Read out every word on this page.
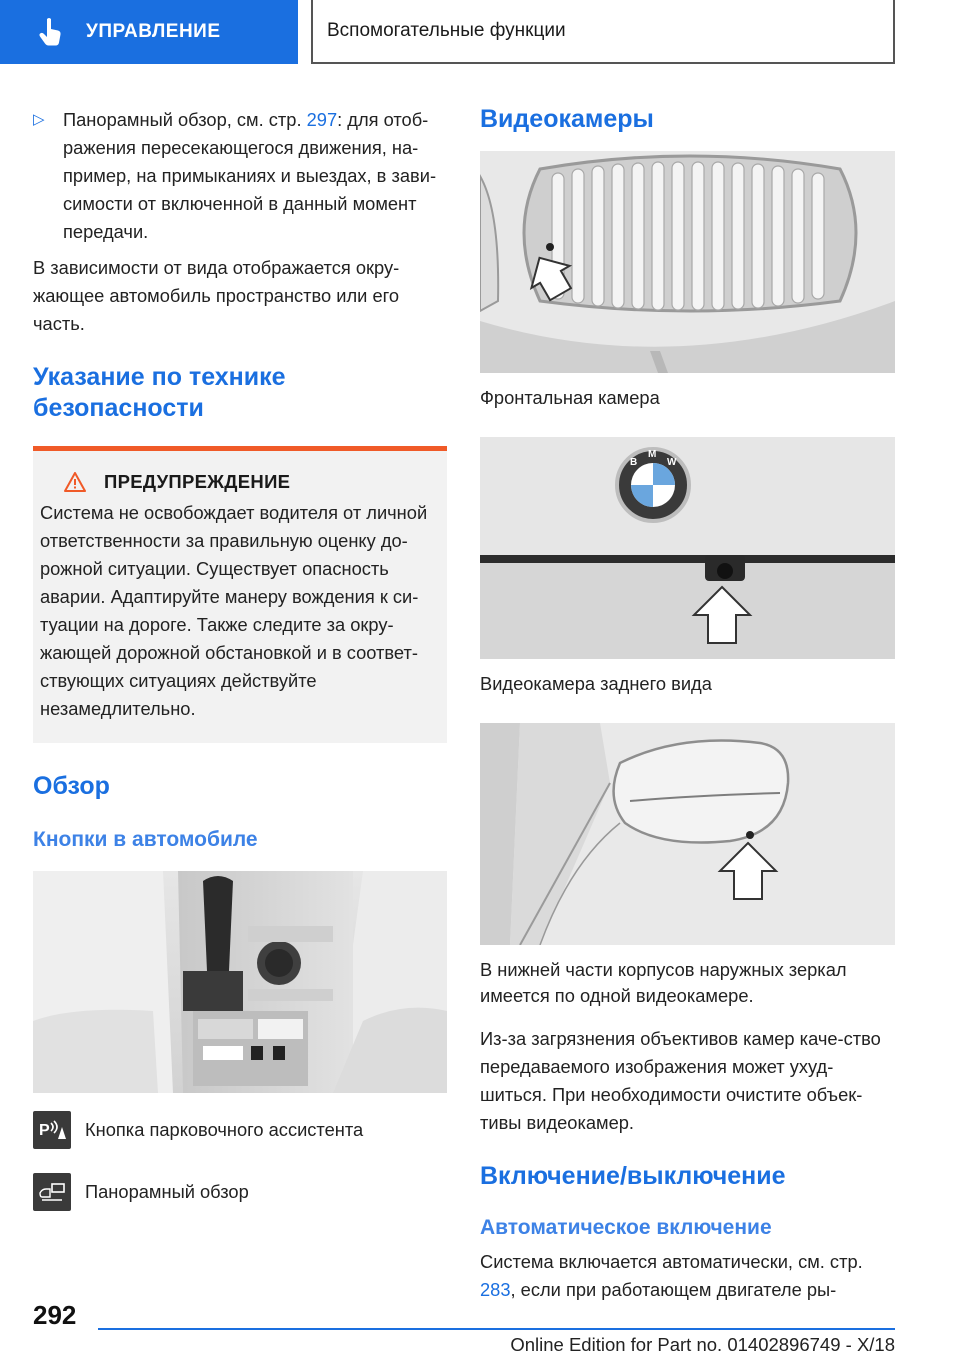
УПРАВЛЕНИЕ	Вспомогательные функции
▷ Панорамный обзор, см. стр. 297: для отоб-ражения пересекающегося движения, на-пример, на примыканиях и выездах, в зави-симости от включенной в данный момент передачи.
В зависимости от вида отображается окру-жающее автомобиль пространство или его часть.
Указание по технике безопасности
ПРЕДУПРЕЖДЕНИЕ
Система не освобождает водителя от личной ответственности за правильную оценку до-рожной ситуации. Существует опасность аварии. Адаптируйте манеру вождения к си-туации на дороге. Также следите за окру-жающей дорожной обстановкой и в соответ-ствующих ситуациях действуйте незамедлительно.
Обзор
Кнопки в автомобиле
P Кнопка парковочного ассистента
Панорамный обзор
Видеокамеры
Фронтальная камера
B
M
W
Видеокамера заднего вида
В нижней части корпусов наружных зеркал имеется по одной видеокамере.
Из-за загрязнения объективов камер каче-ство передаваемого изображения может ухуд-шиться. При необходимости очистите объек-тивы видеокамер.
Включение/выключение
Автоматическое включение
Система включается автоматически, см. стр. 283, если при работающем двигателе ры-
292
Online Edition for Part no. 01402896749 - X/18
